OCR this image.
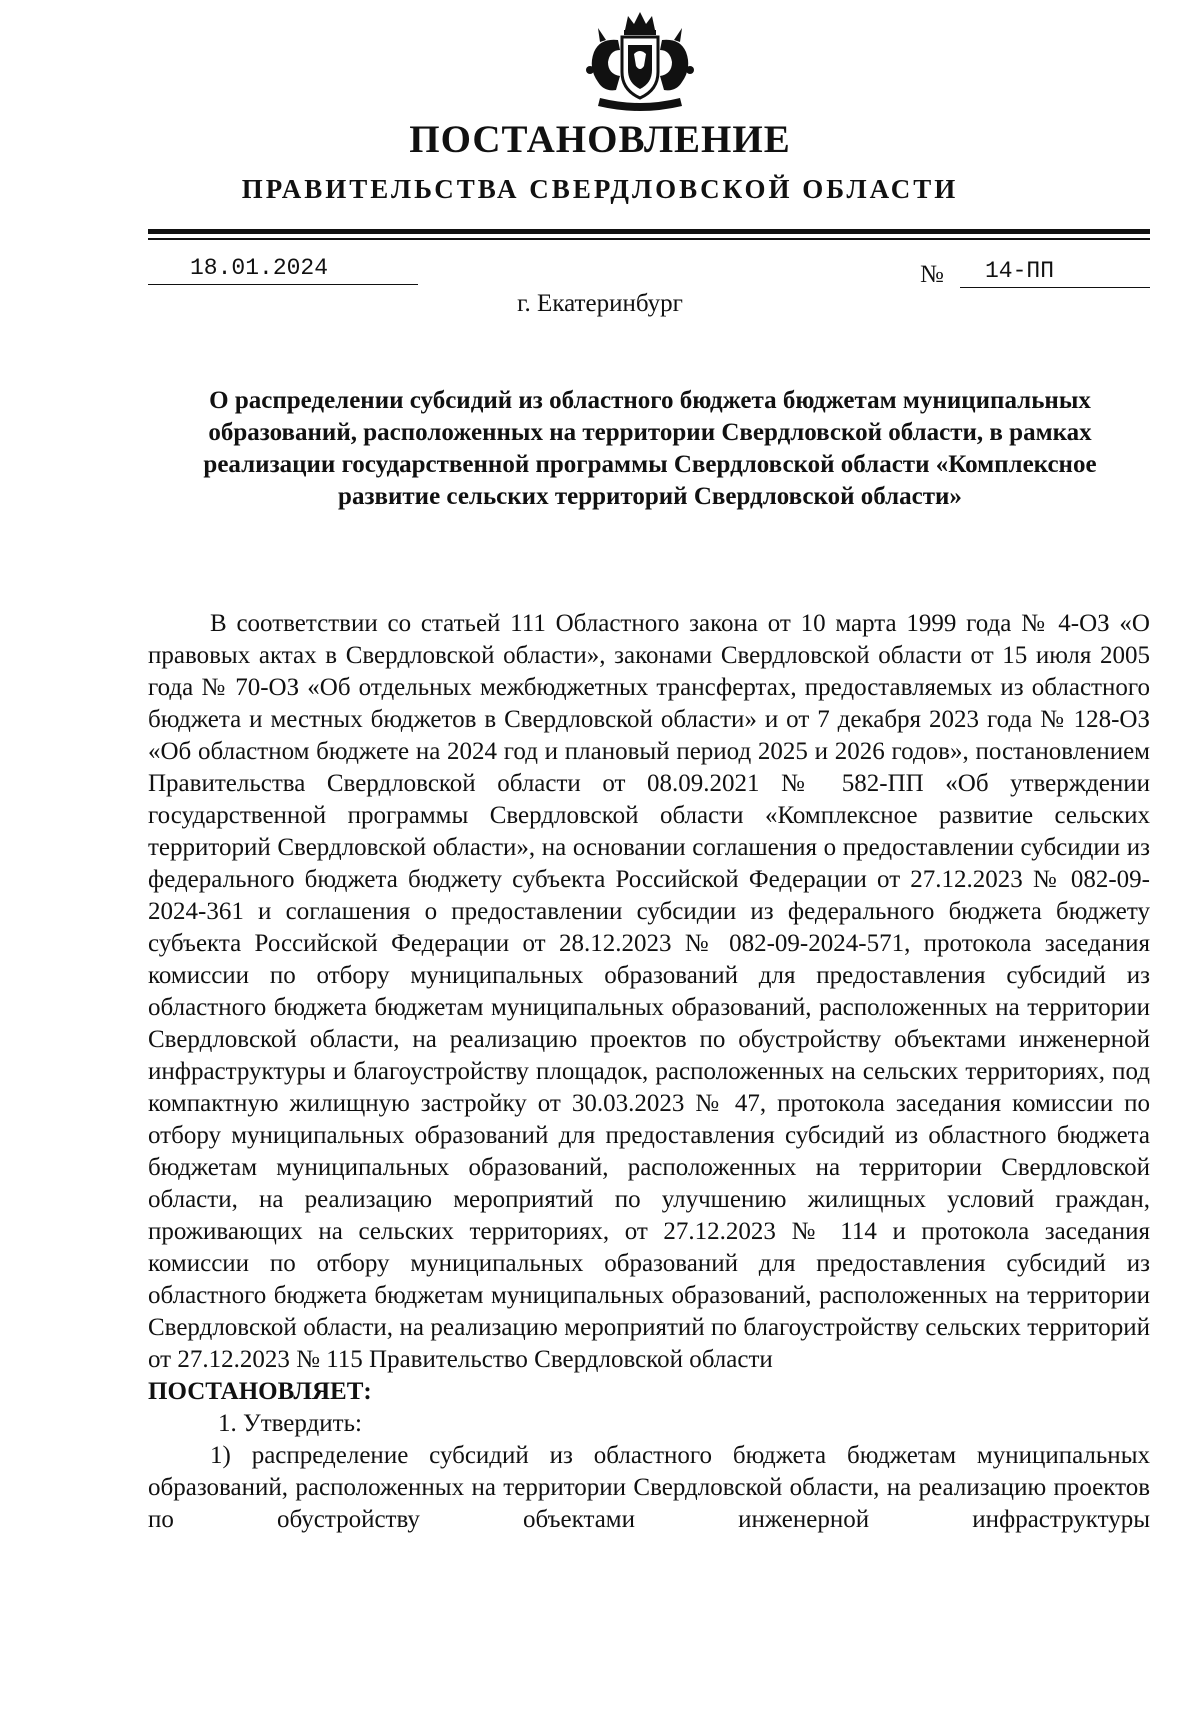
ПОСТАНОВЛЕНИЕ
ПРАВИТЕЛЬСТВА СВЕРДЛОВСКОЙ ОБЛАСТИ
18.01.2024	№ 14-ПП
г. Екатеринбург
О распределении субсидий из областного бюджета бюджетам муниципальных образований, расположенных на территории Свердловской области, в рамках реализации государственной программы Свердловской области «Комплексное развитие сельских территорий Свердловской области»

В соответствии со статьей 111 Областного закона от 10 марта 1999 года № 4-ОЗ «О правовых актах в Свердловской области», законами Свердловской области от 15 июля 2005 года № 70-ОЗ «Об отдельных межбюджетных трансфертах, предоставляемых из областного бюджета и местных бюджетов в Свердловской области» и от 7 декабря 2023 года № 128-ОЗ «Об областном бюджете на 2024 год и плановый период 2025 и 2026 годов», постановлением Правительства Свердловской области от 08.09.2021 № 582-ПП «Об утверждении государственной программы Свердловской области «Комплексное развитие сельских территорий Свердловской области», на основании соглашения о предоставлении субсидии из федерального бюджета бюджету субъекта Российской Федерации от 27.12.2023 № 082-09-2024-361 и соглашения о предоставлении субсидии из федерального бюджета бюджету субъекта Российской Федерации от 28.12.2023 № 082-09-2024-571, протокола заседания комиссии по отбору муниципальных образований для предоставления субсидий из областного бюджета бюджетам муниципальных образований, расположенных на территории Свердловской области, на реализацию проектов по обустройству объектами инженерной инфраструктуры и благоустройству площадок, расположенных на сельских территориях, под компактную жилищную застройку от 30.03.2023 № 47, протокола заседания комиссии по отбору муниципальных образований для предоставления субсидий из областного бюджета бюджетам муниципальных образований, расположенных на территории Свердловской области, на реализацию мероприятий по улучшению жилищных условий граждан, проживающих на сельских территориях, от 27.12.2023 № 114 и протокола заседания комиссии по отбору муниципальных образований для предоставления субсидий из областного бюджета бюджетам муниципальных образований, расположенных на территории Свердловской области, на реализацию мероприятий по благоустройству сельских территорий от 27.12.2023 № 115 Правительство Свердловской области

ПОСТАНОВЛЯЕТ:

1. Утвердить:

1) распределение субсидий из областного бюджета бюджетам муниципальных образований, расположенных на территории Свердловской области, на реализацию проектов по обустройству объектами инженерной инфраструктуры
